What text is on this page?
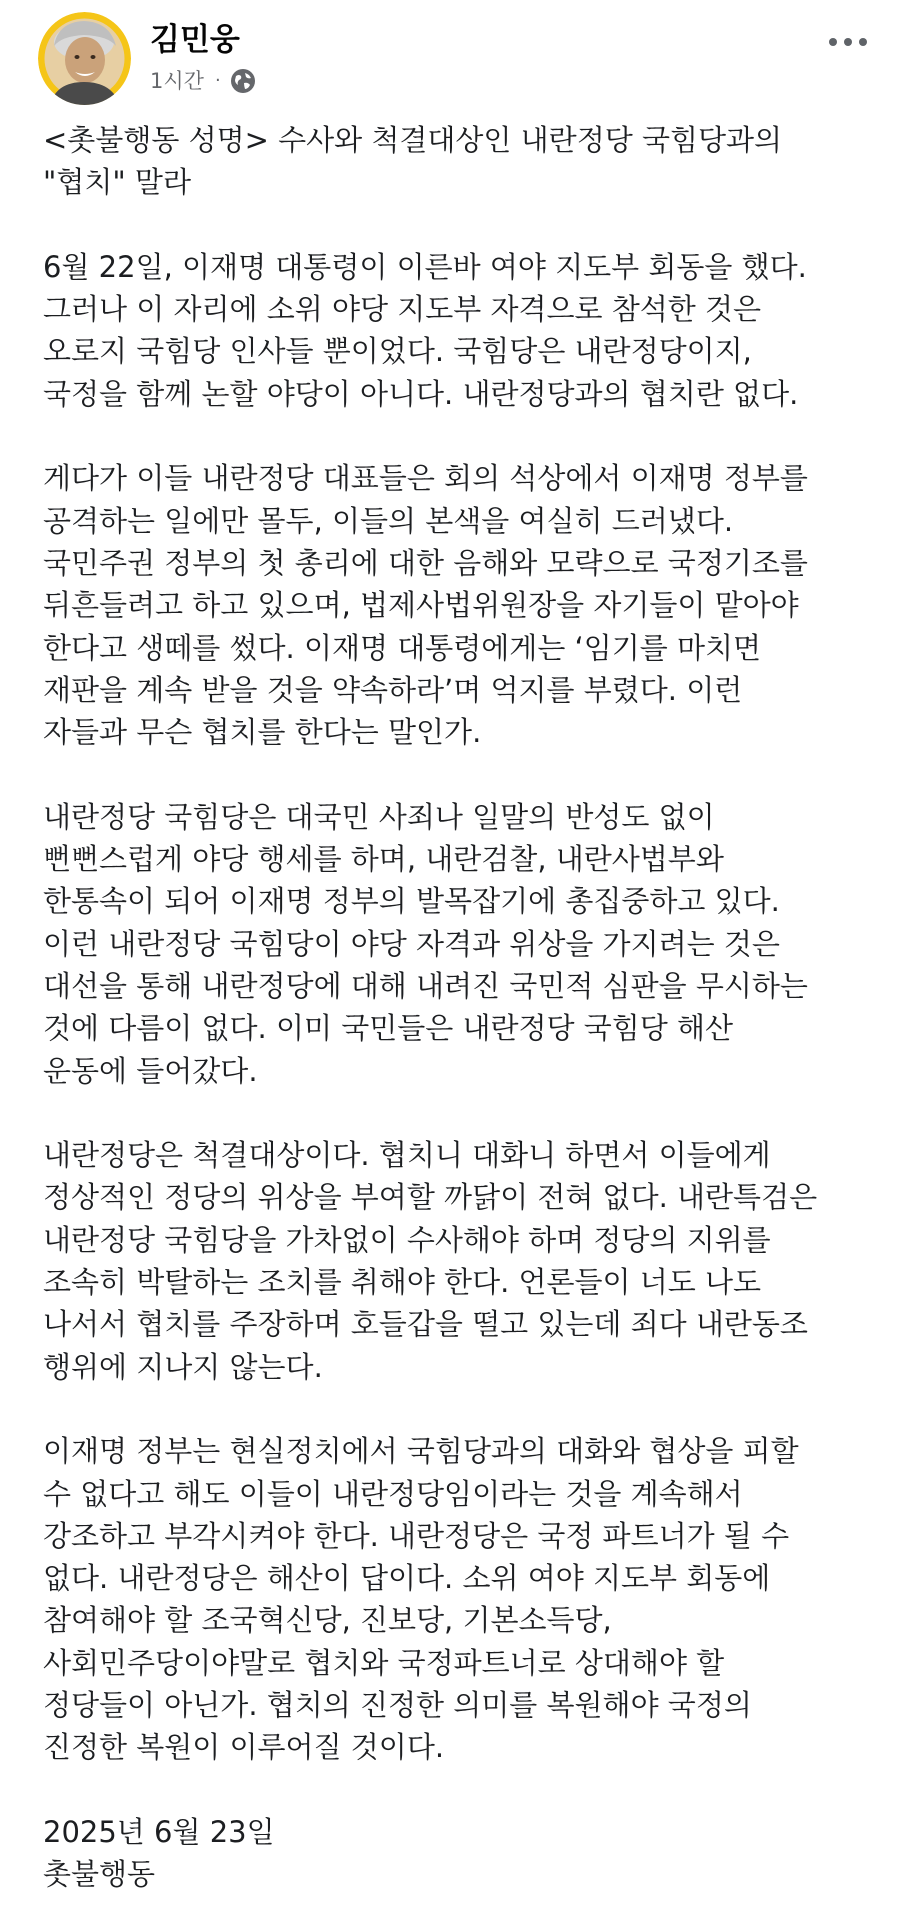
김민웅
1시간 ·
<촛불행동 성명> 수사와 척결대상인 내란정당 국힘당과의
"협치" 말라
6월 22일, 이재명 대통령이 이른바 여야 지도부 회동을 했다.
그러나 이 자리에 소위 야당 지도부 자격으로 참석한 것은
오로지 국힘당 인사들 뿐이었다. 국힘당은 내란정당이지,
국정을 함께 논할 야당이 아니다. 내란정당과의 협치란 없다.
게다가 이들 내란정당 대표들은 회의 석상에서 이재명 정부를
공격하는 일에만 몰두, 이들의 본색을 여실히 드러냈다.
국민주권 정부의 첫 총리에 대한 음해와 모략으로 국정기조를
뒤흔들려고 하고 있으며, 법제사법위원장을 자기들이 맡아야
한다고 생떼를 썼다. 이재명 대통령에게는 ‘임기를 마치면
재판을 계속 받을 것을 약속하라’며 억지를 부렸다. 이런
자들과 무슨 협치를 한다는 말인가.
내란정당 국힘당은 대국민 사죄나 일말의 반성도 없이
뻔뻔스럽게 야당 행세를 하며, 내란검찰, 내란사법부와
한통속이 되어 이재명 정부의 발목잡기에 총집중하고 있다.
이런 내란정당 국힘당이 야당 자격과 위상을 가지려는 것은
대선을 통해 내란정당에 대해 내려진 국민적 심판을 무시하는
것에 다름이 없다. 이미 국민들은 내란정당 국힘당 해산
운동에 들어갔다.
내란정당은 척결대상이다. 협치니 대화니 하면서 이들에게
정상적인 정당의 위상을 부여할 까닭이 전혀 없다. 내란특검은
내란정당 국힘당을 가차없이 수사해야 하며 정당의 지위를
조속히 박탈하는 조치를 취해야 한다. 언론들이 너도 나도
나서서 협치를 주장하며 호들갑을 떨고 있는데 죄다 내란동조
행위에 지나지 않는다.
이재명 정부는 현실정치에서 국힘당과의 대화와 협상을 피할
수 없다고 해도 이들이 내란정당임이라는 것을 계속해서
강조하고 부각시켜야 한다. 내란정당은 국정 파트너가 될 수
없다. 내란정당은 해산이 답이다. 소위 여야 지도부 회동에
참여해야 할 조국혁신당, 진보당, 기본소득당,
사회민주당이야말로 협치와 국정파트너로 상대해야 할
정당들이 아닌가. 협치의 진정한 의미를 복원해야 국정의
진정한 복원이 이루어질 것이다.
2025년 6월 23일
촛불행동
